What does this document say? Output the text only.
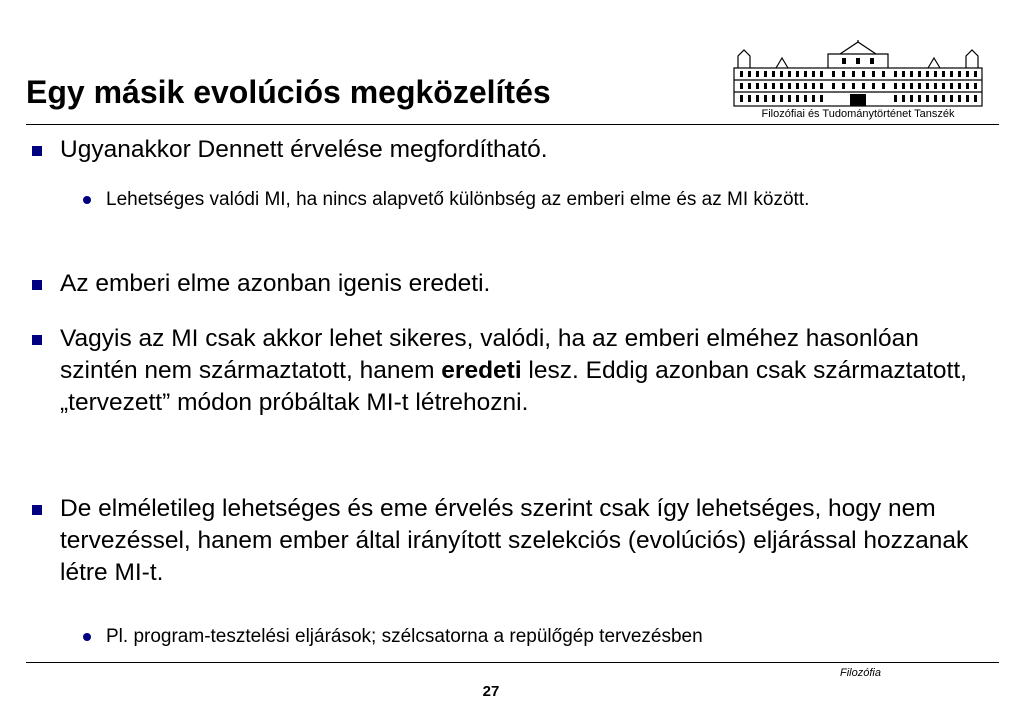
Egy másik evolúciós megközelítés
Filozófiai és Tudománytörténet Tanszék
Ugyanakkor Dennett érvelése megfordítható.
Lehetséges valódi MI, ha nincs alapvető különbség az emberi elme és az MI között.
Az emberi elme azonban igenis eredeti.
Vagyis az MI csak akkor lehet sikeres, valódi, ha az emberi elméhez hasonlóan szintén nem származtatott, hanem eredeti lesz. Eddig azonban csak származtatott, „tervezett” módon próbáltak MI-t létrehozni.
De elméletileg lehetséges és eme érvelés szerint csak így lehetséges, hogy nem tervezéssel, hanem ember által irányított szelekciós (evolúciós) eljárással hozzanak létre MI-t.
Pl. program-tesztelési eljárások; szélcsatorna a repülőgép tervezésben
Filozófia
27
